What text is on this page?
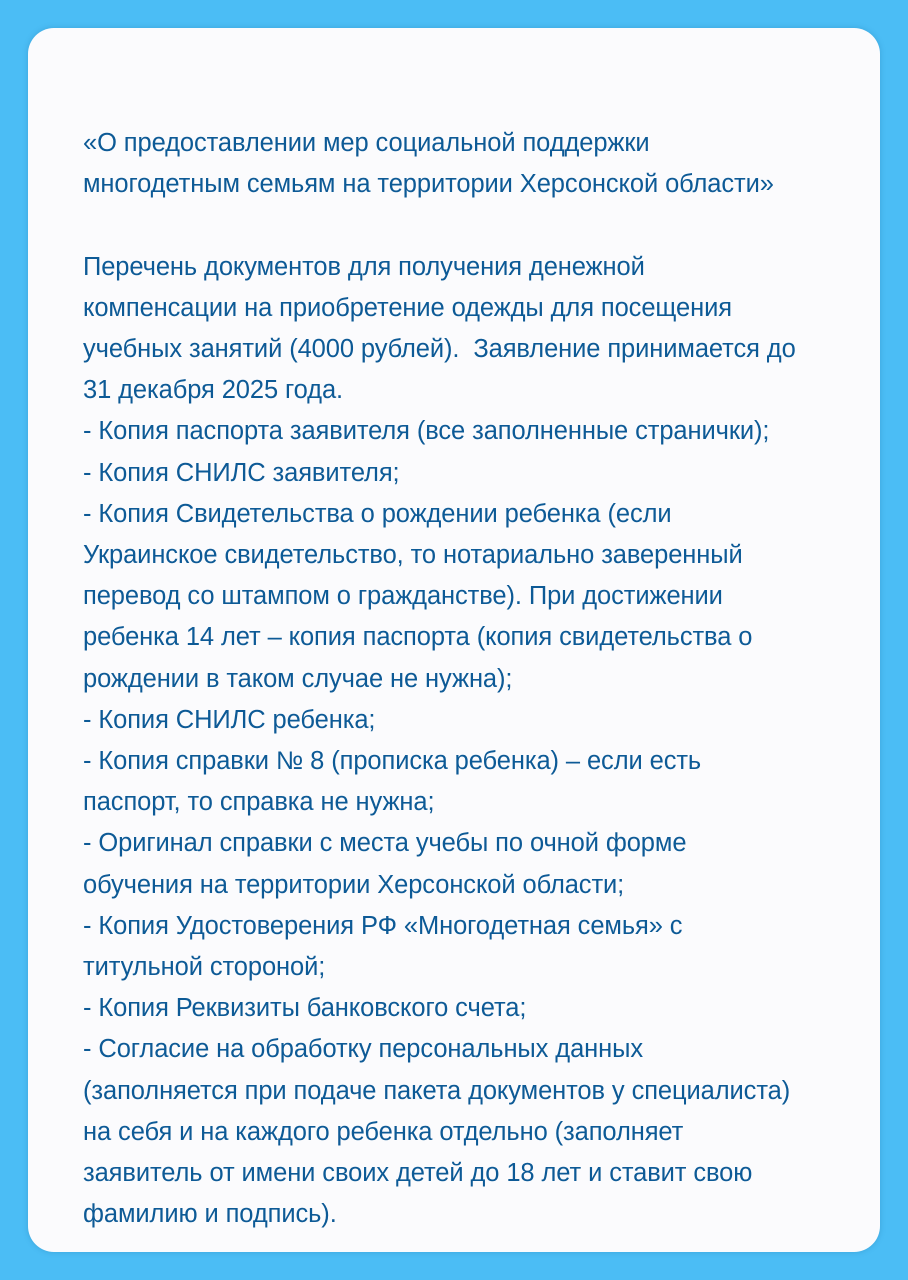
«О предоставлении мер социальной поддержки
многодетным семьям на территории Херсонской области»
Перечень документов для получения денежной
компенсации на приобретение одежды для посещения
учебных занятий (4000 рублей).  Заявление принимается до
31 декабря 2025 года.
- Копия паспорта заявителя (все заполненные странички);
- Копия СНИЛС заявителя;
- Копия Свидетельства о рождении ребенка (если
Украинское свидетельство, то нотариально заверенный
перевод со штампом о гражданстве). При достижении
ребенка 14 лет – копия паспорта (копия свидетельства о
рождении в таком случае не нужна);
- Копия СНИЛС ребенка;
- Копия справки № 8 (прописка ребенка) – если есть
паспорт, то справка не нужна;
- Оригинал справки с места учебы по очной форме
обучения на территории Херсонской области;
- Копия Удостоверения РФ «Многодетная семья» с
титульной стороной;
- Копия Реквизиты банковского счета;
- Согласие на обработку персональных данных
(заполняется при подаче пакета документов у специалиста)
на себя и на каждого ребенка отдельно (заполняет
заявитель от имени своих детей до 18 лет и ставит свою
фамилию и подпись).
